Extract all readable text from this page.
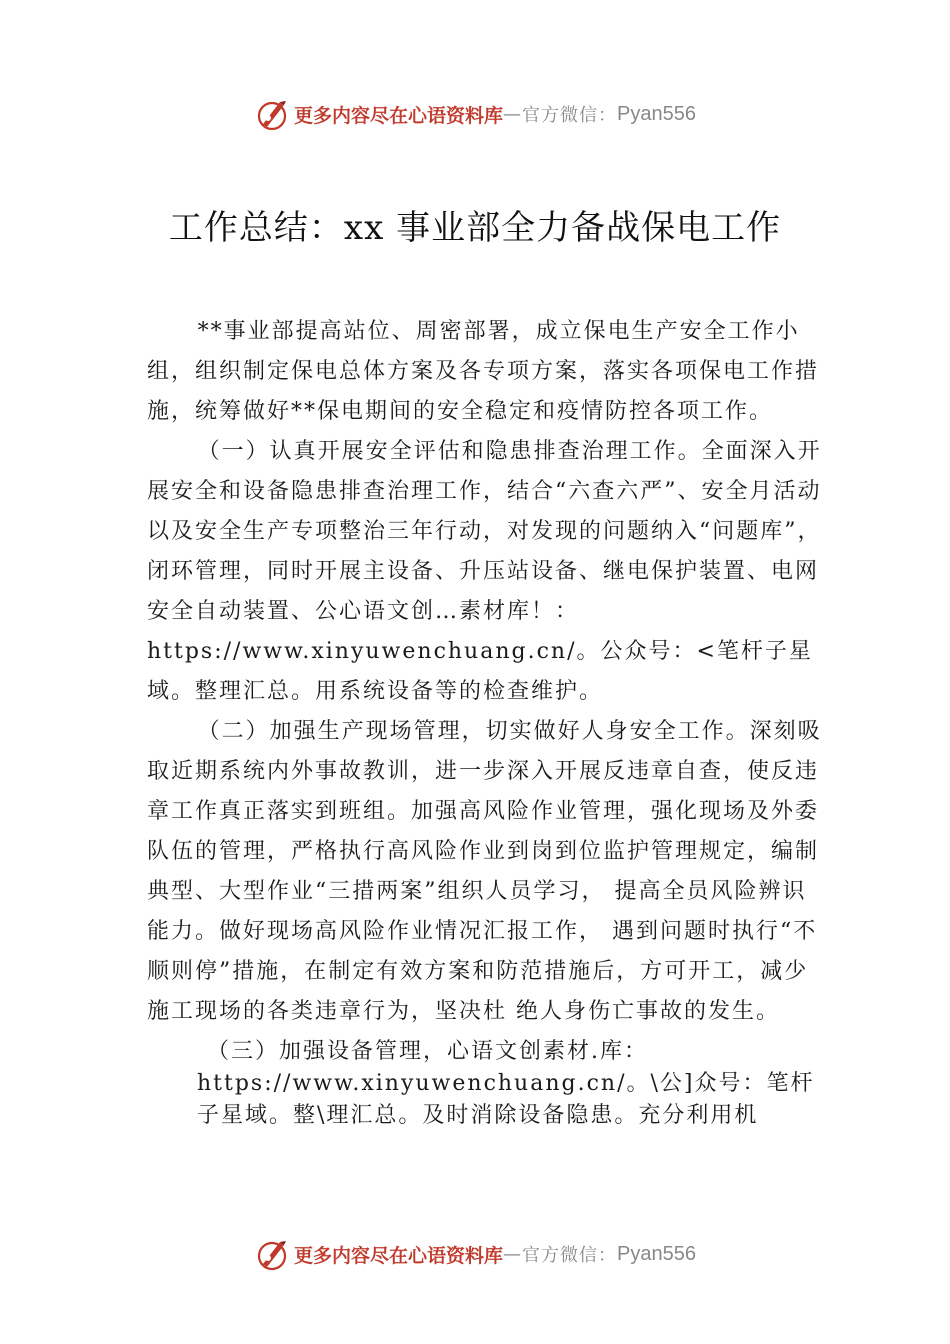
更多内容尽在心语资料库 — 官方微信： Pyan556
工作总结：xx 事业部全力备战保电工作

**事业部提高站位、周密部署，成立保电生产安全工作小组，组织制定保电总体方案及各专项方案，落实各项保电工作措施，统筹做好**保电期间的安全稳定和疫情防控各项工作。

（一）认真开展安全评估和隐患排查治理工作。全面深入开展安全和设备隐患排查治理工作，结合“六查六严”、安全月活动以及安全生产专项整治三年行动，对发现的问题纳入“问题库”，闭环管理，同时开展主设备、升压站设备、继电保护装置、电网安全自动装置、公心语文创…素材库！：https://www.xinyuwenchuang.cn/。公众号：<笔杆子星域。整理汇总。用系统设备等的检查维护。

（二）加强生产现场管理，切实做好人身安全工作。深刻吸取近期系统内外事故教训，进一步深入开展反违章自查，使反违章工作真正落实到班组。加强高风险作业管理，强化现场及外委队伍的管理，严格执行高风险作业到岗到位监护管理规定，编制典型、大型作业“三措两案”组织人员学习， 提高全员风险辨识能力。做好现场高风险作业情况汇报工作， 遇到问题时执行“不顺则停”措施，在制定有效方案和防范措施后，方可开工，减少施工现场的各类违章行为，坚决杜 绝人身伤亡事故的发生。

（三）加强设备管理，心语文创素材.库：https://www.xinyuwenchuang.cn/。\公]众号：笔杆子星域。整\理汇总。及时消除设备隐患。充分利用机

更多内容尽在心语资料库 — 官方微信： Pyan556
